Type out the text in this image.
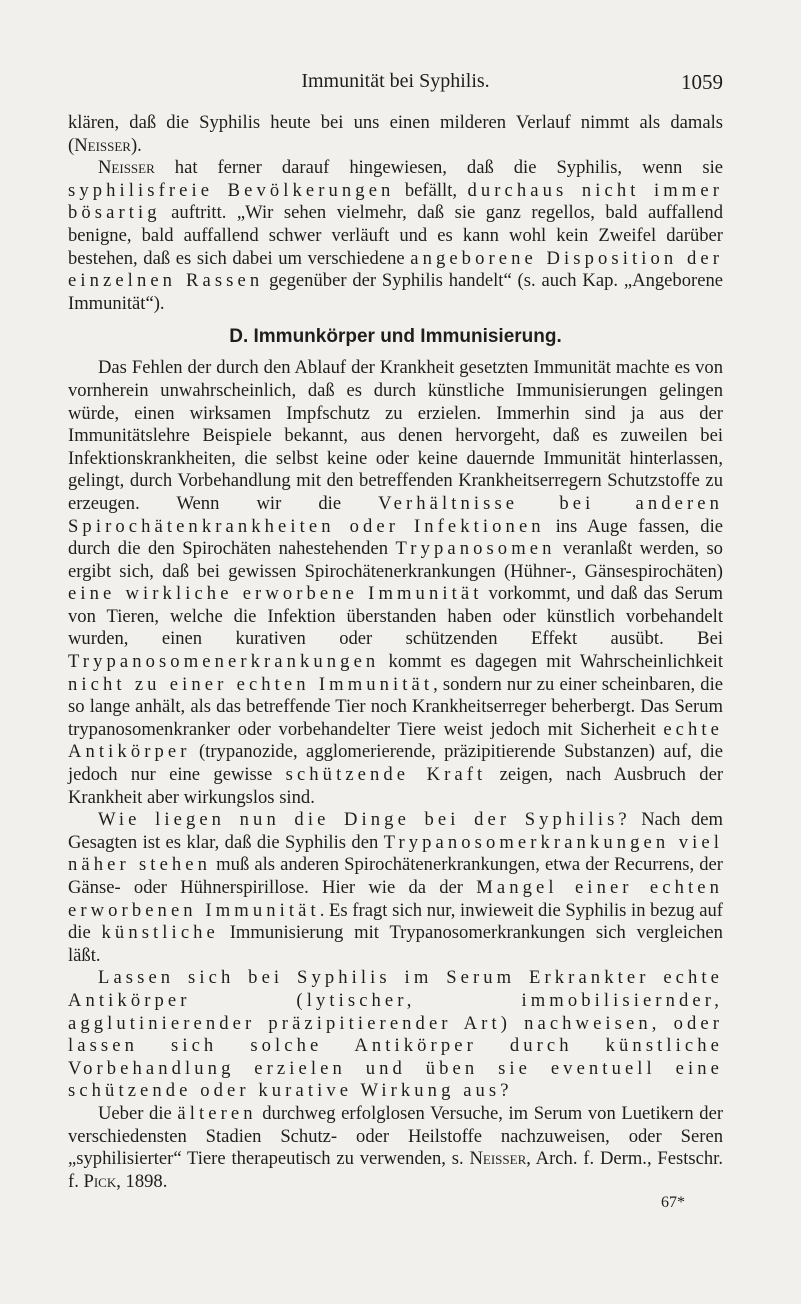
Immunität bei Syphilis.	1059

klären, daß die Syphilis heute bei uns einen milderen Verlauf nimmt als damals (Neisser).

Neisser hat ferner darauf hingewiesen, daß die Syphilis, wenn sie syphilisfreie Bevölkerungen befällt, durchaus nicht immer bösartig auftritt. „Wir sehen vielmehr, daß sie ganz regellos, bald auffallend benigne, bald auffallend schwer verläuft und es kann wohl kein Zweifel darüber bestehen, daß es sich dabei um verschiedene angeborene Disposition der einzelnen Rassen gegenüber der Syphilis handelt“ (s. auch Kap. „Angeborene Immunität“).

D. Immunkörper und Immunisierung.

Das Fehlen der durch den Ablauf der Krankheit gesetzten Immunität machte es von vornherein unwahrscheinlich, daß es durch künstliche Immunisierungen gelingen würde, einen wirksamen Impfschutz zu erzielen. Immerhin sind ja aus der Immunitätslehre Beispiele bekannt, aus denen hervorgeht, daß es zuweilen bei Infektionskrankheiten, die selbst keine oder keine dauernde Immunität hinterlassen, gelingt, durch Vorbehandlung mit den betreffenden Krankheitserregern Schutzstoffe zu erzeugen. Wenn wir die Verhältnisse bei anderen Spirochätenkrankheiten oder Infektionen ins Auge fassen, die durch die den Spirochäten nahestehenden Trypanosomen veranlaßt werden, so ergibt sich, daß bei gewissen Spirochätenerkrankungen (Hühner-, Gänsespirochäten) eine wirkliche erworbene Immunität vorkommt, und daß das Serum von Tieren, welche die Infektion überstanden haben oder künstlich vorbehandelt wurden, einen kurativen oder schützenden Effekt ausübt. Bei Trypanosomenerkrankungen kommt es dagegen mit Wahrscheinlichkeit nicht zu einer echten Immunität, sondern nur zu einer scheinbaren, die so lange anhält, als das betreffende Tier noch Krankheitserreger beherbergt. Das Serum trypanosomenkranker oder vorbehandelter Tiere weist jedoch mit Sicherheit echte Antikörper (trypanozide, agglomerierende, präzipitierende Substanzen) auf, die jedoch nur eine gewisse schützende Kraft zeigen, nach Ausbruch der Krankheit aber wirkungslos sind.

Wie liegen nun die Dinge bei der Syphilis? Nach dem Gesagten ist es klar, daß die Syphilis den Trypanosomerkrankungen viel näher stehen muß als anderen Spirochätenerkrankungen, etwa der Recurrens, der Gänse- oder Hühnerspirillose. Hier wie da der Mangel einer echten erworbenen Immunität. Es fragt sich nur, inwieweit die Syphilis in bezug auf die künstliche Immunisierung mit Trypanosomerkrankungen sich vergleichen läßt.

Lassen sich bei Syphilis im Serum Erkrankter echte Antikörper (lytischer, immobilisiernder, agglutinierender präzipitierender Art) nachweisen, oder lassen sich solche Antikörper durch künstliche Vorbehandlung erzielen und üben sie eventuell eine schützende oder kurative Wirkung aus?

Ueber die älteren durchweg erfolglosen Versuche, im Serum von Luetikern der verschiedensten Stadien Schutz- oder Heilstoffe nachzuweisen, oder Seren „syphilisierter“ Tiere therapeutisch zu verwenden, s. Neisser, Arch. f. Derm., Festschr. f. Pick, 1898.

67*
